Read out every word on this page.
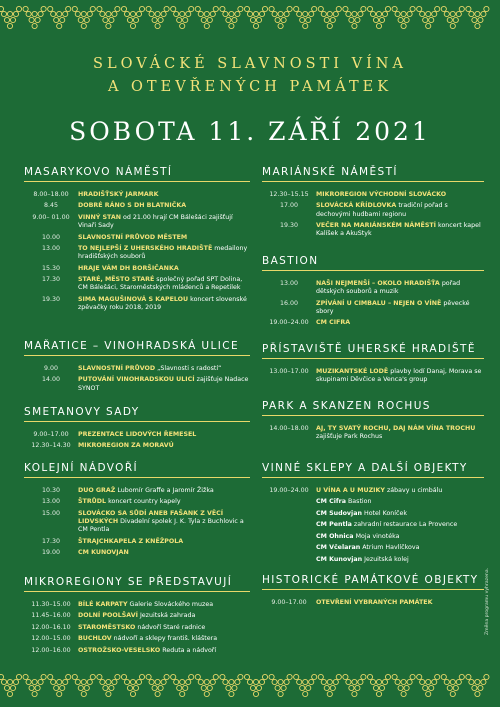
SLOVÁCKÉ SLAVNOSTI VÍNA
A OTEVŘENÝCH PAMÁTEK
SOBOTA 11. ZÁŘÍ 2021
MASARYKOVO NÁMĚSTÍ
8.00–18.00	HRADIŠŤSKÝ JARMARK
8.45	DOBRÉ RÁNO S DH BLATNIČKA
9.00– 01.00	VINNÝ STAN od 21.00 hrají CM Bálešáci zajišťují Vinaři Sady
10.00	SLAVNOSTNÍ PRŮVOD MĚSTEM
13.00	TO NEJLEPŠÍ Z UHERSKÉHO HRADIŠTĚ medailony hradišťských souborů
15.30	HRAJE VÁM DH BORŠIČANKA
17.30	STARÉ, MĚSTO STARÉ společný pořad SPT Dolina, CM Bálešáci, Staroměstských mládenců a Repetilek
19.30	SIMA MAGUŠINOVÁ S KAPELOU koncert slovenské zpěvačky roku 2018, 2019
MAŘATICE – VINOHRADSKÁ ULICE
9.00	SLAVNOSTNÍ PRŮVOD „Slavnosti s radostí“
14.00	PUTOVÁNÍ VINOHRADSKOU ULICÍ zajišťuje Nadace SYNOT
SMETANOVY SADY
9.00–17.00	PREZENTACE LIDOVÝCH ŘEMESEL
12.30–14.30	MIKROREGION ZA MORAVÚ
KOLEJNÍ NÁDVOŘÍ
10.30	DUO GRAŽ Lubomír Graffe a Jaromír Žižka
13.00	ŠTRŮDL koncert country kapely
15.00	SLOVÁCKO SA SŮDÍ ANEB FAŠANK Z VĚCÍ LIDVSKÝCH Divadelní spolek J. K. Tyla z Buchlovic a CM Pentla
17.30	ŠTRAJCHKAPELA Z KNĚŽPOLA
19.00	CM KUNOVJAN
MIKROREGIONY SE PŘEDSTAVUJÍ
11.30–15.00	BÍLÉ KARPATY Galerie Slováckého muzea
11.45–16.00	DOLNÍ POOLŠAVÍ Jezuitská zahrada
12.00–16.10	STAROMĚSTSKO nádvoří Staré radnice
12.00–15.00	BUCHLOV nádvoří a sklepy františ. kláštera
12.00–16.00	OSTROŽSKO-VESELSKO Reduta a nádvoří
MARIÁNSKÉ NÁMĚSTÍ
12.30–15.15	MIKROREGION VÝCHODNÍ SLOVÁCKO
17.00	SLOVÁCKÁ KŘÍDLOVKA tradiční pořad s dechovými hudbami regionu
19.30	VEČER NA MARIÁNSKÉM NÁMĚSTÍ koncert kapel Kalíšek a AkuStyk
BASTION
13.00	NAŠI NEJMENŠÍ – OKOLO HRADIŠŤA pořad dětských souborů a muzik
16.00	ZPÍVÁNÍ U CIMBALU – NEJEN O VÍNĚ pěvecké sbory
19.00–24.00	CM CIFRA
PŘÍSTAVIŠTĚ UHERSKÉ HRADIŠTĚ
13.00–17.00	MUZIKANTSKÉ LODĚ plavby lodí Danaj, Morava se skupinami Děvčice a Venca's group
PARK A SKANZEN ROCHUS
14.00–18.00	AJ, TY SVATÝ ROCHU, DAJ NÁM VÍNA TROCHU zajišťuje Park Rochus
VINNÉ SKLEPY A DALŠÍ OBJEKTY
19.00–24.00	U VÍNA A U MUZIKY zábavy u cimbálu
CM Cifra Bastion
CM Sudovjan Hotel Koníček
CM Pentla zahradní restaurace La Provence
CM Ohnica Mojа vinotéka
CM Včelaran Atrium Havlíčkova
CM Kunovjan Jezuitská kolej
HISTORICKÉ PAMÁTKOVÉ OBJEKTY
9.00–17.00	OTEVŘENÍ VYBRANÝCH PAMÁTEK	Změna programu vyhrazena.
